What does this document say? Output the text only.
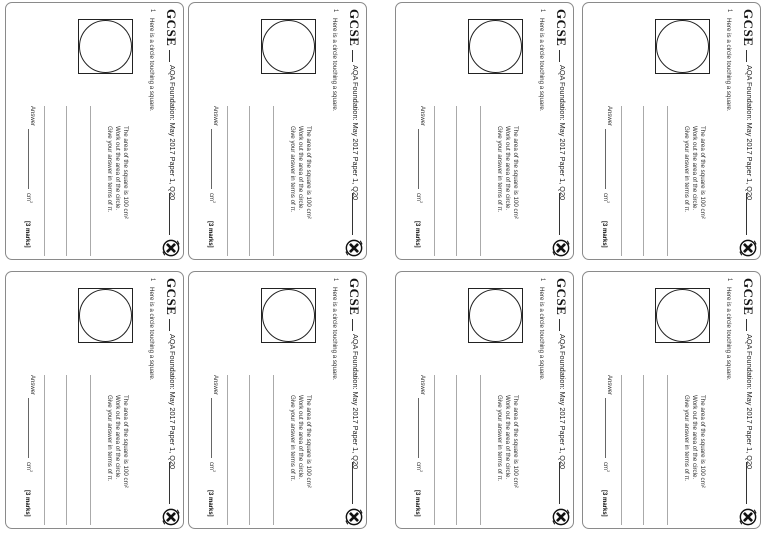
GCSE
AQA Foundation: May 2017 Paper 1, Q20
1
Here is a circle touching a square.
The area of the square is 100 cm²
Work out the area of the circle.
Give your answer in terms of π.
Answer
$cm^2$
[3 marks]
GCSE
AQA Foundation: May 2017 Paper 1, Q20
1
Here is a circle touching a square.
The area of the square is 100 cm²
Work out the area of the circle.
Give your answer in terms of π.
Answer
$cm^2$
[3 marks]
GCSE
AQA Foundation: May 2017 Paper 1, Q20
1
Here is a circle touching a square.
The area of the square is 100 cm²
Work out the area of the circle.
Give your answer in terms of π.
Answer
$cm^2$
[3 marks]
GCSE
AQA Foundation: May 2017 Paper 1, Q20
1
Here is a circle touching a square.
The area of the square is 100 cm²
Work out the area of the circle.
Give your answer in terms of π.
Answer
$cm^2$
[3 marks]
GCSE
AQA Foundation: May 2017 Paper 1, Q20
1
Here is a circle touching a square.
The area of the square is 100 cm²
Work out the area of the circle.
Give your answer in terms of π.
Answer
$cm^2$
[3 marks]
GCSE
AQA Foundation: May 2017 Paper 1, Q20
1
Here is a circle touching a square.
The area of the square is 100 cm²
Work out the area of the circle.
Give your answer in terms of π.
Answer
$cm^2$
[3 marks]
GCSE
AQA Foundation: May 2017 Paper 1, Q20
1
Here is a circle touching a square.
The area of the square is 100 cm²
Work out the area of the circle.
Give your answer in terms of π.
Answer
$cm^2$
[3 marks]
GCSE
AQA Foundation: May 2017 Paper 1, Q20
1
Here is a circle touching a square.
The area of the square is 100 cm²
Work out the area of the circle.
Give your answer in terms of π.
Answer
$cm^2$
[3 marks]
